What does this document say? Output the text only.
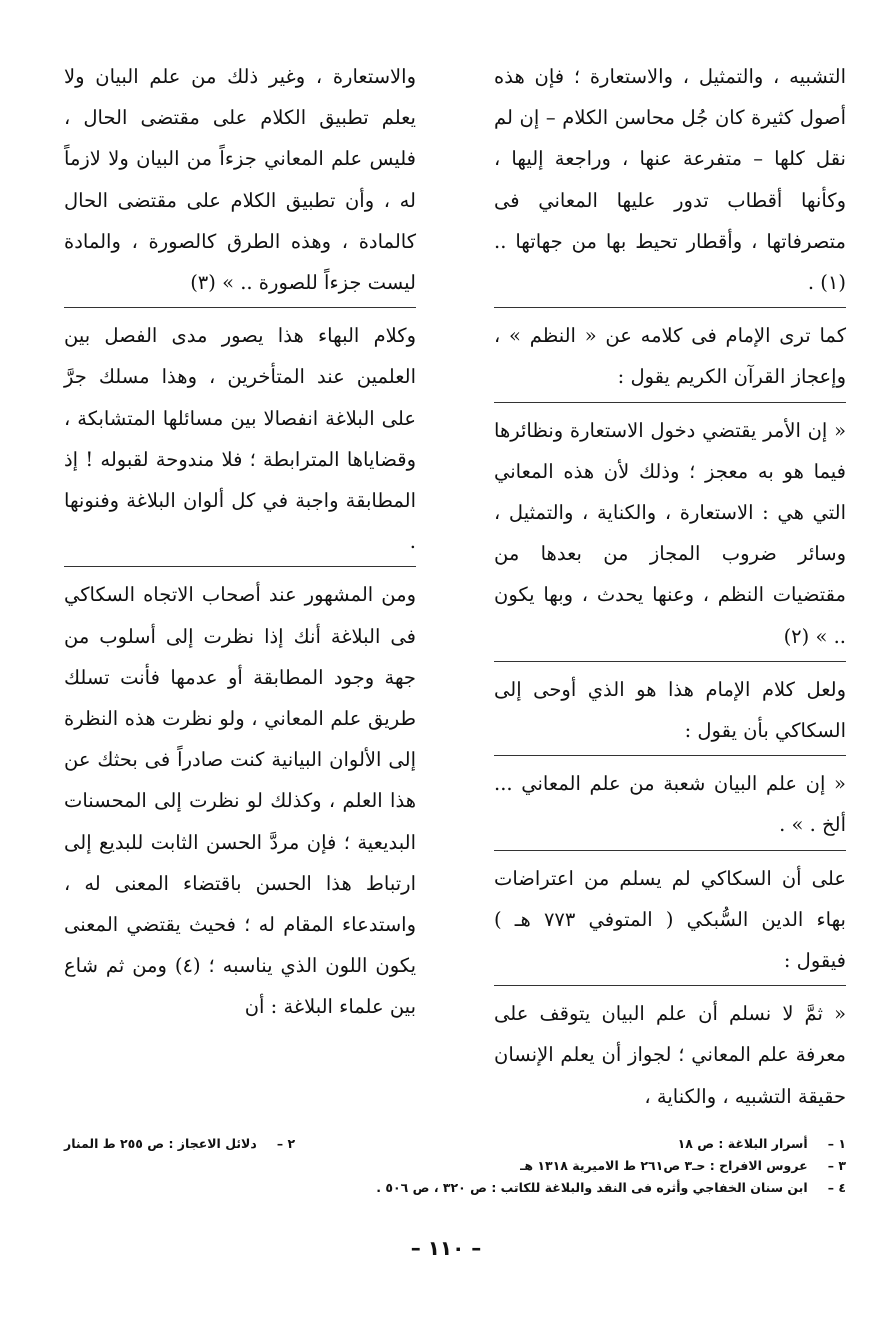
التشبيه ، والتمثيل ، والاستعارة ؛ فإن هذه أصول كثيرة كان جُل محاسن الكلام – إن لم نقل كلها – متفرعة عنها ، وراجعة إليها ، وكأنها أقطاب تدور عليها المعاني فى متصرفاتها ، وأقطار تحيط بها من جهاتها .. (١) .

كما ترى الإمام فى كلامه عن « النظم » ، وإعجاز القرآن الكريم يقول :

« إن الأمر يقتضي دخول الاستعارة ونظائرها فيما هو به معجز ؛ وذلك لأن هذه المعاني التي هي : الاستعارة ، والكناية ، والتمثيل ، وسائر ضروب المجاز من بعدها من مقتضيات النظم ، وعنها يحدث ، وبها يكون .. » (٢)

ولعل كلام الإمام هذا هو الذي أوحى إلى السكاكي بأن يقول :

« إن علم البيان شعبة من علم المعاني ... ألخ . » .

على أن السكاكي لم يسلم من اعتراضات بهاء الدين السُّبكي ( المتوفي ٧٧٣ هـ ) فيقول :

« ثمَّ لا نسلم أن علم البيان يتوقف على معرفة علم المعاني ؛ لجواز أن يعلم الإنسان حقيقة التشبيه ، والكناية ،

والاستعارة ، وغير ذلك من علم البيان ولا يعلم تطبيق الكلام على مقتضى الحال ، فليس علم المعاني جزءاً من البيان ولا لازماً له ، وأن تطبيق الكلام على مقتضى الحال كالمادة ، وهذه الطرق كالصورة ، والمادة ليست جزءاً للصورة .. » (٣)

وكلام البهاء هذا يصور مدى الفصل بين العلمين عند المتأخرين ، وهذا مسلك جرَّ على البلاغة انفصالا بين مسائلها المتشابكة ، وقضاياها المترابطة ؛ فلا مندوحة لقبوله ! إذ المطابقة واجبة في كل ألوان البلاغة وفنونها .

ومن المشهور عند أصحاب الاتجاه السكاكي فى البلاغة أنك إذا نظرت إلى أسلوب من جهة وجود المطابقة أو عدمها فأنت تسلك طريق علم المعاني ، ولو نظرت هذه النظرة إلى الألوان البيانية كنت صادراً فى بحثك عن هذا العلم ، وكذلك لو نظرت إلى المحسنات البديعية ؛ فإن مردَّ الحسن الثابت للبديع إلى ارتباط هذا الحسن باقتضاء المعنى له ، واستدعاء المقام له ؛ فحيث يقتضي المعنى يكون اللون الذي يناسبه ؛ (٤) ومن ثم شاع بين علماء البلاغة : أن

١ – أسرار البلاغة : ص ١٨
٢ – دلائل الاعجاز : ص ٢٥٥ ط المنار
٣ – عروس الافراح : حـ٣ ص٢٦١ ط الاميرية ١٣١٨ هـ
٤ – ابن سنان الخفاجي وأثره فى النقد والبلاغة للكاتب : ص ٣٢٠ ، ص ٥٠٦ .
– ١١٠ –
